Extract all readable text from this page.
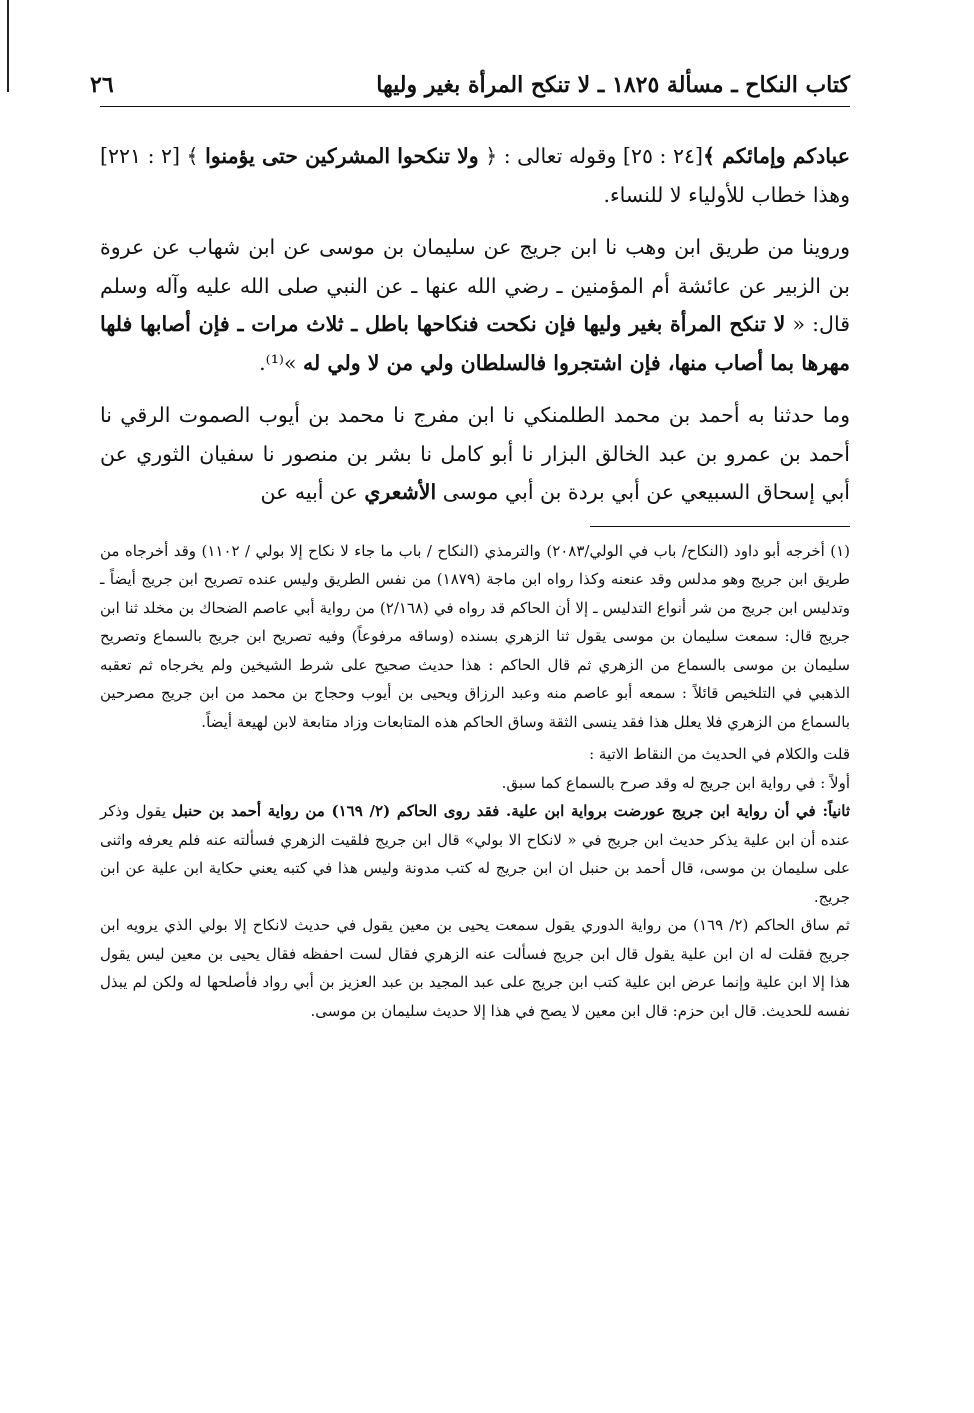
كتاب النكاح ـ مسألة ١٨٢٥ ـ لا تنكح المرأة بغير وليها
٢٦

عبادكم وإمائكم ﴾[٢٤ : ٢٥] وقوله تعالى : ﴿ ولا تنكحوا المشركين حتى يؤمنوا ﴾ [٢ : ٢٢١] وهذا خطاب للأولياء لا للنساء.

وروينا من طريق ابن وهب نا ابن جريج عن سليمان بن موسى عن ابن شهاب عن عروة بن الزبير عن عائشة أم المؤمنين ـ رضي الله عنها ـ عن النبي صلى الله عليه وآله وسلم قال: « لا تنكح المرأة بغير وليها فإن نكحت فنكاحها باطل ـ ثلاث مرات ـ فإن أصابها فلها مهرها بما أصاب منها، فإن اشتجروا فالسلطان ولي من لا ولي له »⁽¹⁾.

وما حدثنا به أحمد بن محمد الطلمنكي نا ابن مفرج نا محمد بن أيوب الصموت الرقي نا أحمد بن عمرو بن عبد الخالق البزار نا أبو كامل نا بشر بن منصور نا سفيان الثوري عن أبي إسحاق السبيعي عن أبي بردة بن أبي موسى الأشعري عن أبيه عن

(١) أخرجه أبو داود (النكاح/ باب في الولي/٢٠٨٣) والترمذي (النكاح / باب ما جاء لا نكاح إلا بولي / ١١٠٢) وقد أخرجاه من طريق ابن جريج وهو مدلس وقد عنعنه وكذا رواه ابن ماجة (١٨٧٩) من نفس الطريق وليس عنده تصريح ابن جريج أيضاً ـ وتدليس ابن جريج من شر أنواع التدليس ـ إلا أن الحاكم قد رواه في (٢/١٦٨) من رواية أبي عاصم الضحاك بن مخلد ثنا ابن جريج قال: سمعت سليمان بن موسى يقول ثنا الزهري بسنده (وساقه مرفوعاً) وفيه تصريح ابن جريج بالسماع وتصريح سليمان بن موسى بالسماع من الزهري ثم قال الحاكم : هذا حديث صحيح على شرط الشيخين ولم يخرجاه ثم تعقبه الذهبي في التلخيص قائلاً : سمعه أبو عاصم منه وعبد الرزاق ويحيى بن أيوب وحجاج بن محمد من ابن جريج مصرحين بالسماع من الزهري فلا يعلل هذا فقد ينسى الثقة وساق الحاكم هذه المتابعات وزاد متابعة لابن لهيعة أيضاً.

قلت والكلام في الحديث من النقاط الاتية :

أولاً : في رواية ابن جريج له وقد صرح بالسماع كما سبق.

ثانياً: في أن رواية ابن جريج عورضت برواية ابن علية. فقد روى الحاكم (٢/ ١٦٩) من رواية أحمد بن حنبل يقول وذكر عنده أن ابن علية يذكر حديث ابن جريج في « لانكاح الا بولي» قال ابن جريج فلقيت الزهري فسألته عنه فلم يعرفه واثنى على سليمان بن موسى، قال أحمد بن حنبل ان ابن جريج له كتب مدونة وليس هذا في كتبه يعني حكاية ابن علية عن ابن جريج.

ثم ساق الحاكم (٢/ ١٦٩) من رواية الدوري يقول سمعت يحيى بن معين يقول في حديث لانكاح إلا بولي الذي يرويه ابن جريج فقلت له ان ابن علية يقول قال ابن جريج فسألت عنه الزهري فقال لست احفظه فقال يحيى بن معين ليس يقول هذا إلا ابن علية وإنما عرض ابن علية كتب ابن جريج على عبد المجيد بن عبد العزيز بن أبي رواد فأصلحها له ولكن لم يبذل نفسه للحديث. قال ابن حزم: قال ابن معين لا يصح في هذا إلا حديث سليمان بن موسى.
